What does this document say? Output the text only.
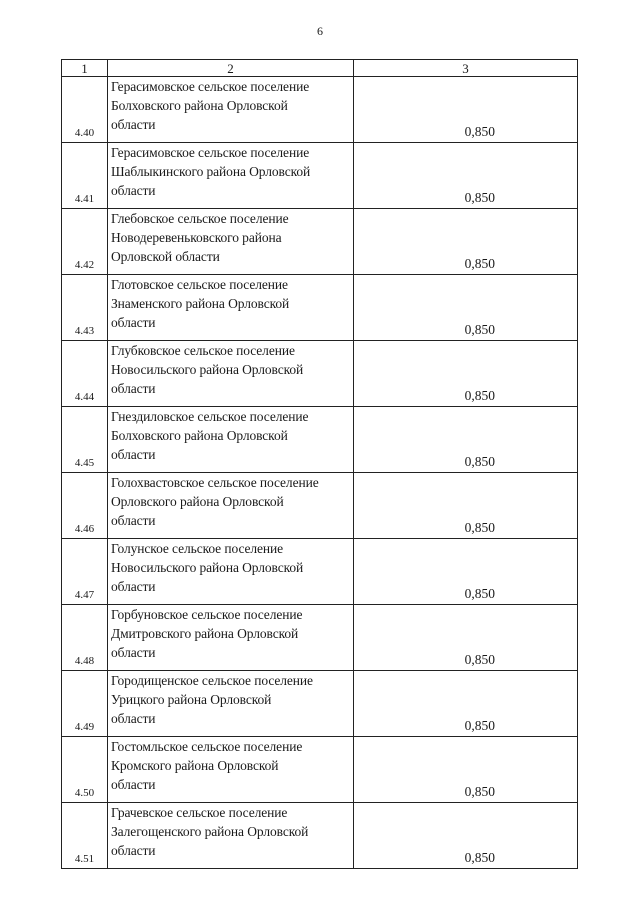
6
1	2	3
4.40	Герасимовское сельское поселение
Болховского района Орловской
области	0,850
4.41	Герасимовское сельское поселение
Шаблыкинского района Орловской
области	0,850
4.42	Глебовское сельское поселение
Новодеревеньковского района
Орловской области	0,850
4.43	Глотовское сельское поселение
Знаменского района Орловской
области	0,850
4.44	Глубковское сельское поселение
Новосильского района Орловской
области	0,850
4.45	Гнездиловское сельское поселение
Болховского района Орловской
области	0,850
4.46	Голохвастовское сельское поселение
Орловского района Орловской
области	0,850
4.47	Голунское сельское поселение
Новосильского района Орловской
области	0,850
4.48	Горбуновское сельское поселение
Дмитровского района Орловской
области	0,850
4.49	Городищенское сельское поселение
Урицкого района Орловской
области	0,850
4.50	Гостомльское сельское поселение
Кромского района Орловской
области	0,850
4.51	Грачевское сельское поселение
Залегощенского района Орловской
области	0,850
